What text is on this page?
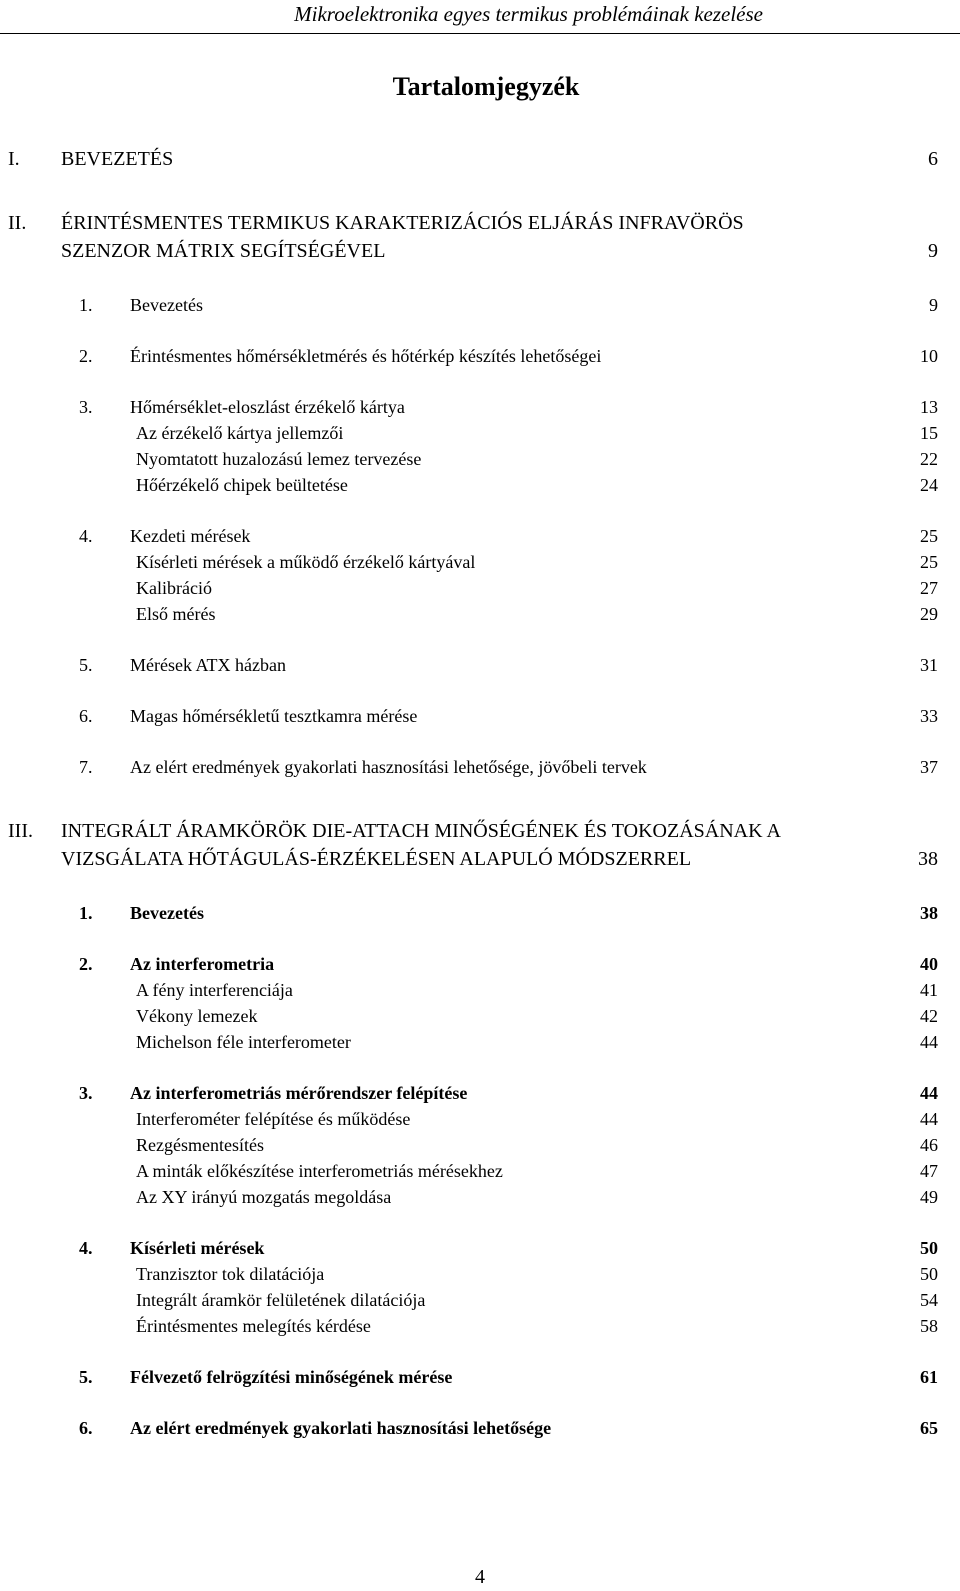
Mikroelektronika egyes termikus problémáinak kezelése
Tartalomjegyzék
I. BEVEZETÉS	6
II. ÉRINTÉSMENTES TERMIKUS KARAKTERIZÁCIÓS ELJÁRÁS INFRAVÖRÖS
SZENZOR MÁTRIX SEGÍTSÉGÉVEL	9
1. Bevezetés	9
2. Érintésmentes hőmérsékletmérés és hőtérkép készítés lehetőségei	10
3. Hőmérséklet-eloszlást érzékelő kártya	13
Az érzékelő kártya jellemzői	15
Nyomtatott huzalozású lemez tervezése	22
Hőérzékelő chipek beültetése	24
4. Kezdeti mérések	25
Kísérleti mérések a működő érzékelő kártyával	25
Kalibráció	27
Első mérés	29
5. Mérések ATX házban	31
6. Magas hőmérsékletű tesztkamra mérése	33
7. Az elért eredmények gyakorlati hasznosítási lehetősége, jövőbeli tervek	37
III. INTEGRÁLT ÁRAMKÖRÖK DIE-ATTACH MINŐSÉGÉNEK ÉS TOKOZÁSÁNAK A
VIZSGÁLATA HŐTÁGULÁS-ÉRZÉKELÉSEN ALAPULÓ MÓDSZERREL	38
1. Bevezetés	38
2. Az interferometria	40
A fény interferenciája	41
Vékony lemezek	42
Michelson féle interferometer	44
3. Az interferometriás mérőrendszer felépítése	44
Interferométer felépítése és működése	44
Rezgésmentesítés	46
A minták előkészítése interferometriás mérésekhez	47
Az XY irányú mozgatás megoldása	49
4. Kísérleti mérések	50
Tranzisztor tok dilatációja	50
Integrált áramkör felületének dilatációja	54
Érintésmentes melegítés kérdése	58
5. Félvezető felrögzítési minőségének mérése	61
6. Az elért eredmények gyakorlati hasznosítási lehetősége	65
4
